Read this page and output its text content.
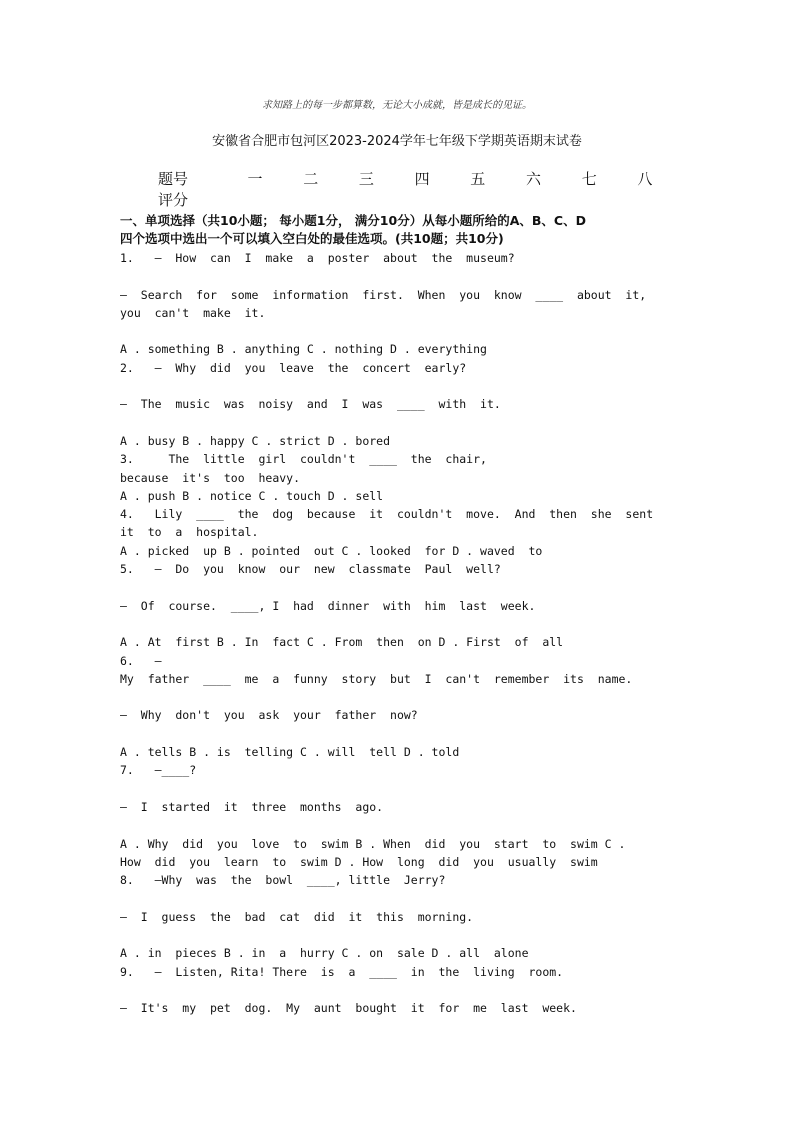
求知路上的每一步都算数，无论大小成就，皆是成长的见证。
安徽省合肥市包河区2023-2024学年七年级下学期英语期末试卷
题号	一	二	三	四	五	六	七	八
评分
一、单项选择（共10小题； 每小题1分， 满分10分）从每小题所给的A、B、C、D
四个选项中选出一个可以填入空白处的最佳选项。(共10题；共10分)
1.   —  How  can  I  make  a  poster  about  the  museum?
—  Search  for  some  information  first.  When  you  know  ____  about  it,
you  can't  make  it.
A . something B . anything C . nothing D . everything
2.   —  Why  did  you  leave  the  concert  early?
—  The  music  was  noisy  and  I  was  ____  with  it.
A . busy B . happy C . strict D . bored
3.     The  little  girl  couldn't  ____  the  chair,
because  it's  too  heavy.
A . push B . notice C . touch D . sell
4.   Lily  ____  the  dog  because  it  couldn't  move.  And  then  she  sent
it  to  a  hospital.
A . picked  up B . pointed  out C . looked  for D . waved  to
5.   —  Do  you  know  our  new  classmate  Paul  well?
—  Of  course.  ____, I  had  dinner  with  him  last  week.
A . At  first B . In  fact C . From  then  on D . First  of  all
6.   —
My  father  ____  me  a  funny  story  but  I  can't  remember  its  name.
—  Why  don't  you  ask  your  father  now?
A . tells B . is  telling C . will  tell D . told
7.   —____?
—  I  started  it  three  months  ago.
A . Why  did  you  love  to  swim B . When  did  you  start  to  swim C .
How  did  you  learn  to  swim D . How  long  did  you  usually  swim
8.   —Why  was  the  bowl  ____, little  Jerry?
—  I  guess  the  bad  cat  did  it  this  morning.
A . in  pieces B . in  a  hurry C . on  sale D . all  alone
9.   —  Listen, Rita! There  is  a  ____  in  the  living  room.
—  It's  my  pet  dog.  My  aunt  bought  it  for  me  last  week.
